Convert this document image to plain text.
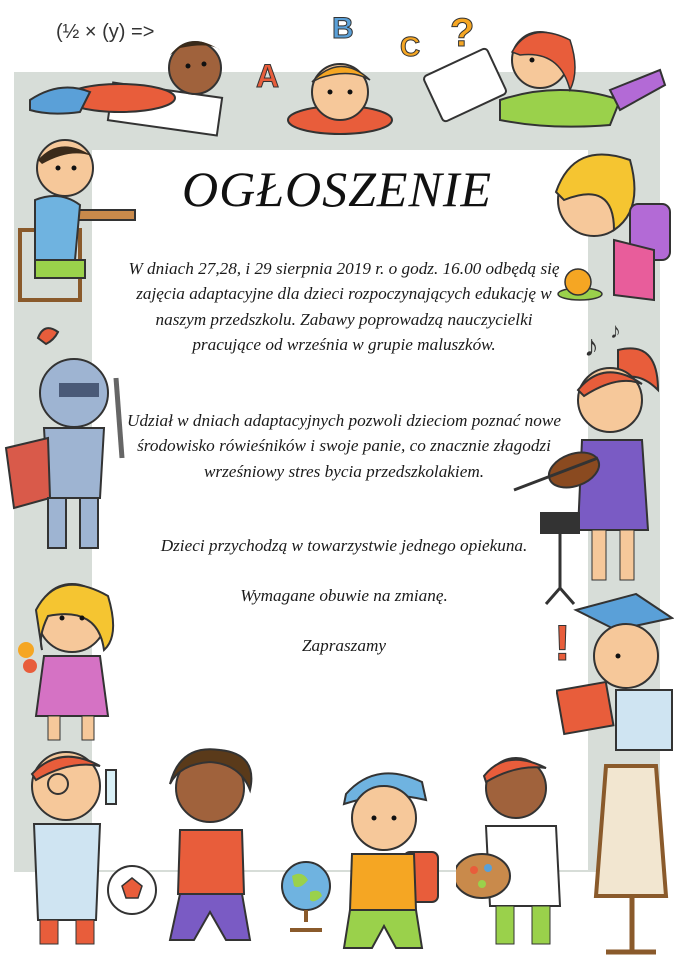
(½ × (y) =>
A
B
C ?
♪ ♪
!
OGŁOSZENIE
W dniach 27,28, i 29 sierpnia 2019 r. o godz. 16.00 odbędą się zajęcia adaptacyjne dla dzieci rozpoczynających edukację w naszym przedszkolu. Zabawy poprowadzą nauczycielki pracujące od września w grupie maluszków.
Udział w dniach adaptacyjnych pozwoli dzieciom poznać nowe środowisko rówieśników i swoje panie, co znacznie złagodzi wrześniowy stres bycia przedszkolakiem.
Dzieci przychodzą w towarzystwie jednego opiekuna.
Wymagane obuwie na zmianę.
Zapraszamy
